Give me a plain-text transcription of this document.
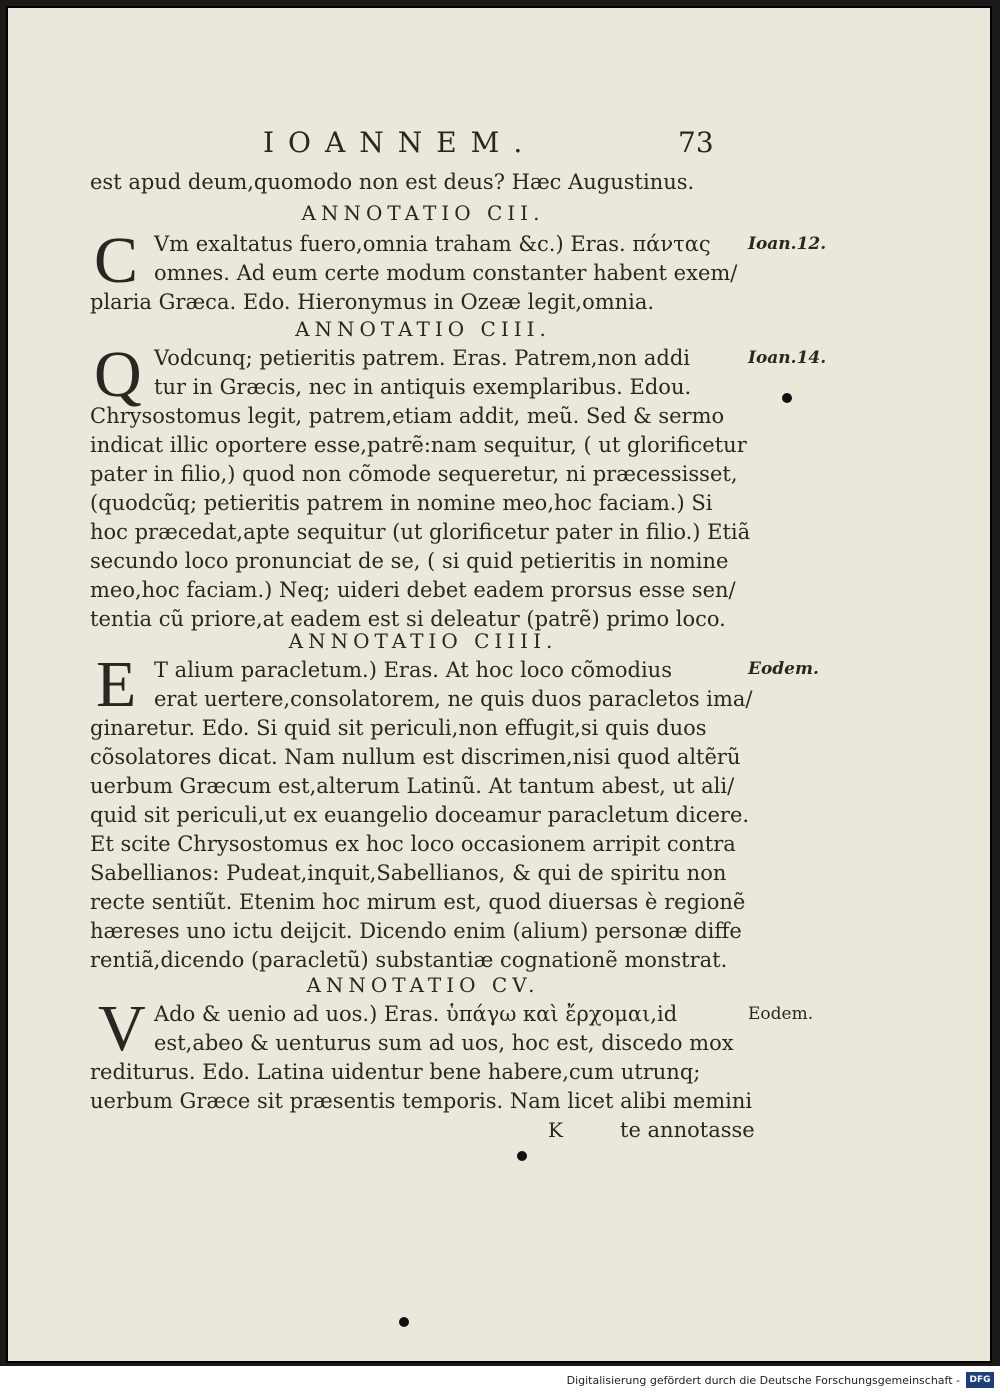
IOANNEM.	73
est apud deum,quomodo non est deus? Hæc Augustinus.
ANNOTATIO CII.
C Vm exaltatus fuero,omnia traham &c.) Eras. πάντας	Ioan.12.
omnes. Ad eum certe modum constanter habent exem/
plaria Græca. Edo. Hieronymus in Ozeæ legit,omnia.
ANNOTATIO CIII.
Q Vodcunq; petieritis patrem. Eras. Patrem,non addi	Ioan.14.
tur in Græcis, nec in antiquis exemplaribus. Edou.
Chrysostomus legit, patrem,etiam addit, meũ. Sed & sermo
indicat illic oportere esse,patrẽ:nam sequitur, ( ut glorificetur
pater in filio,) quod non cõmode sequeretur, ni præcessisset,
(quodcũq; petieritis patrem in nomine meo,hoc faciam.) Si
hoc præcedat,apte sequitur (ut glorificetur pater in filio.) Etiã
secundo loco pronunciat de se, ( si quid petieritis in nomine
meo,hoc faciam.) Neq; uideri debet eadem prorsus esse sen/
tentia cũ priore,at eadem est si deleatur (patrẽ) primo loco.
ANNOTATIO CIIII.
E T alium paracletum.) Eras. At hoc loco cõmodius	Eodem.
erat uertere,consolatorem, ne quis duos paracletos ima/
ginaretur. Edo. Si quid sit periculi,non effugit,si quis duos
cõsolatores dicat. Nam nullum est discrimen,nisi quod altẽrũ
uerbum Græcum est,alterum Latinũ. At tantum abest, ut ali/
quid sit periculi,ut ex euangelio doceamur paracletum dicere.
Et scite Chrysostomus ex hoc loco occasionem arripit contra
Sabellianos: Pudeat,inquit,Sabellianos, & qui de spiritu non
recte sentiũt. Etenim hoc mirum est, quod diuersas è regionẽ
hæreses uno ictu deijcit. Dicendo enim (alium) personæ diffe
rentiã,dicendo (paracletũ) substantiæ cognationẽ monstrat.
ANNOTATIO CV.
V Ado & uenio ad uos.) Eras. ὑπάγω καὶ ἔρχομαι,id	Eodem.
est,abeo & uenturus sum ad uos, hoc est, discedo mox
rediturus. Edo. Latina uidentur bene habere,cum utrunq;
uerbum Græce sit præsentis temporis. Nam licet alibi memini
K	te annotasse
Digitalisierung gefördert durch die Deutsche Forschungsgemeinschaft -	DFG
